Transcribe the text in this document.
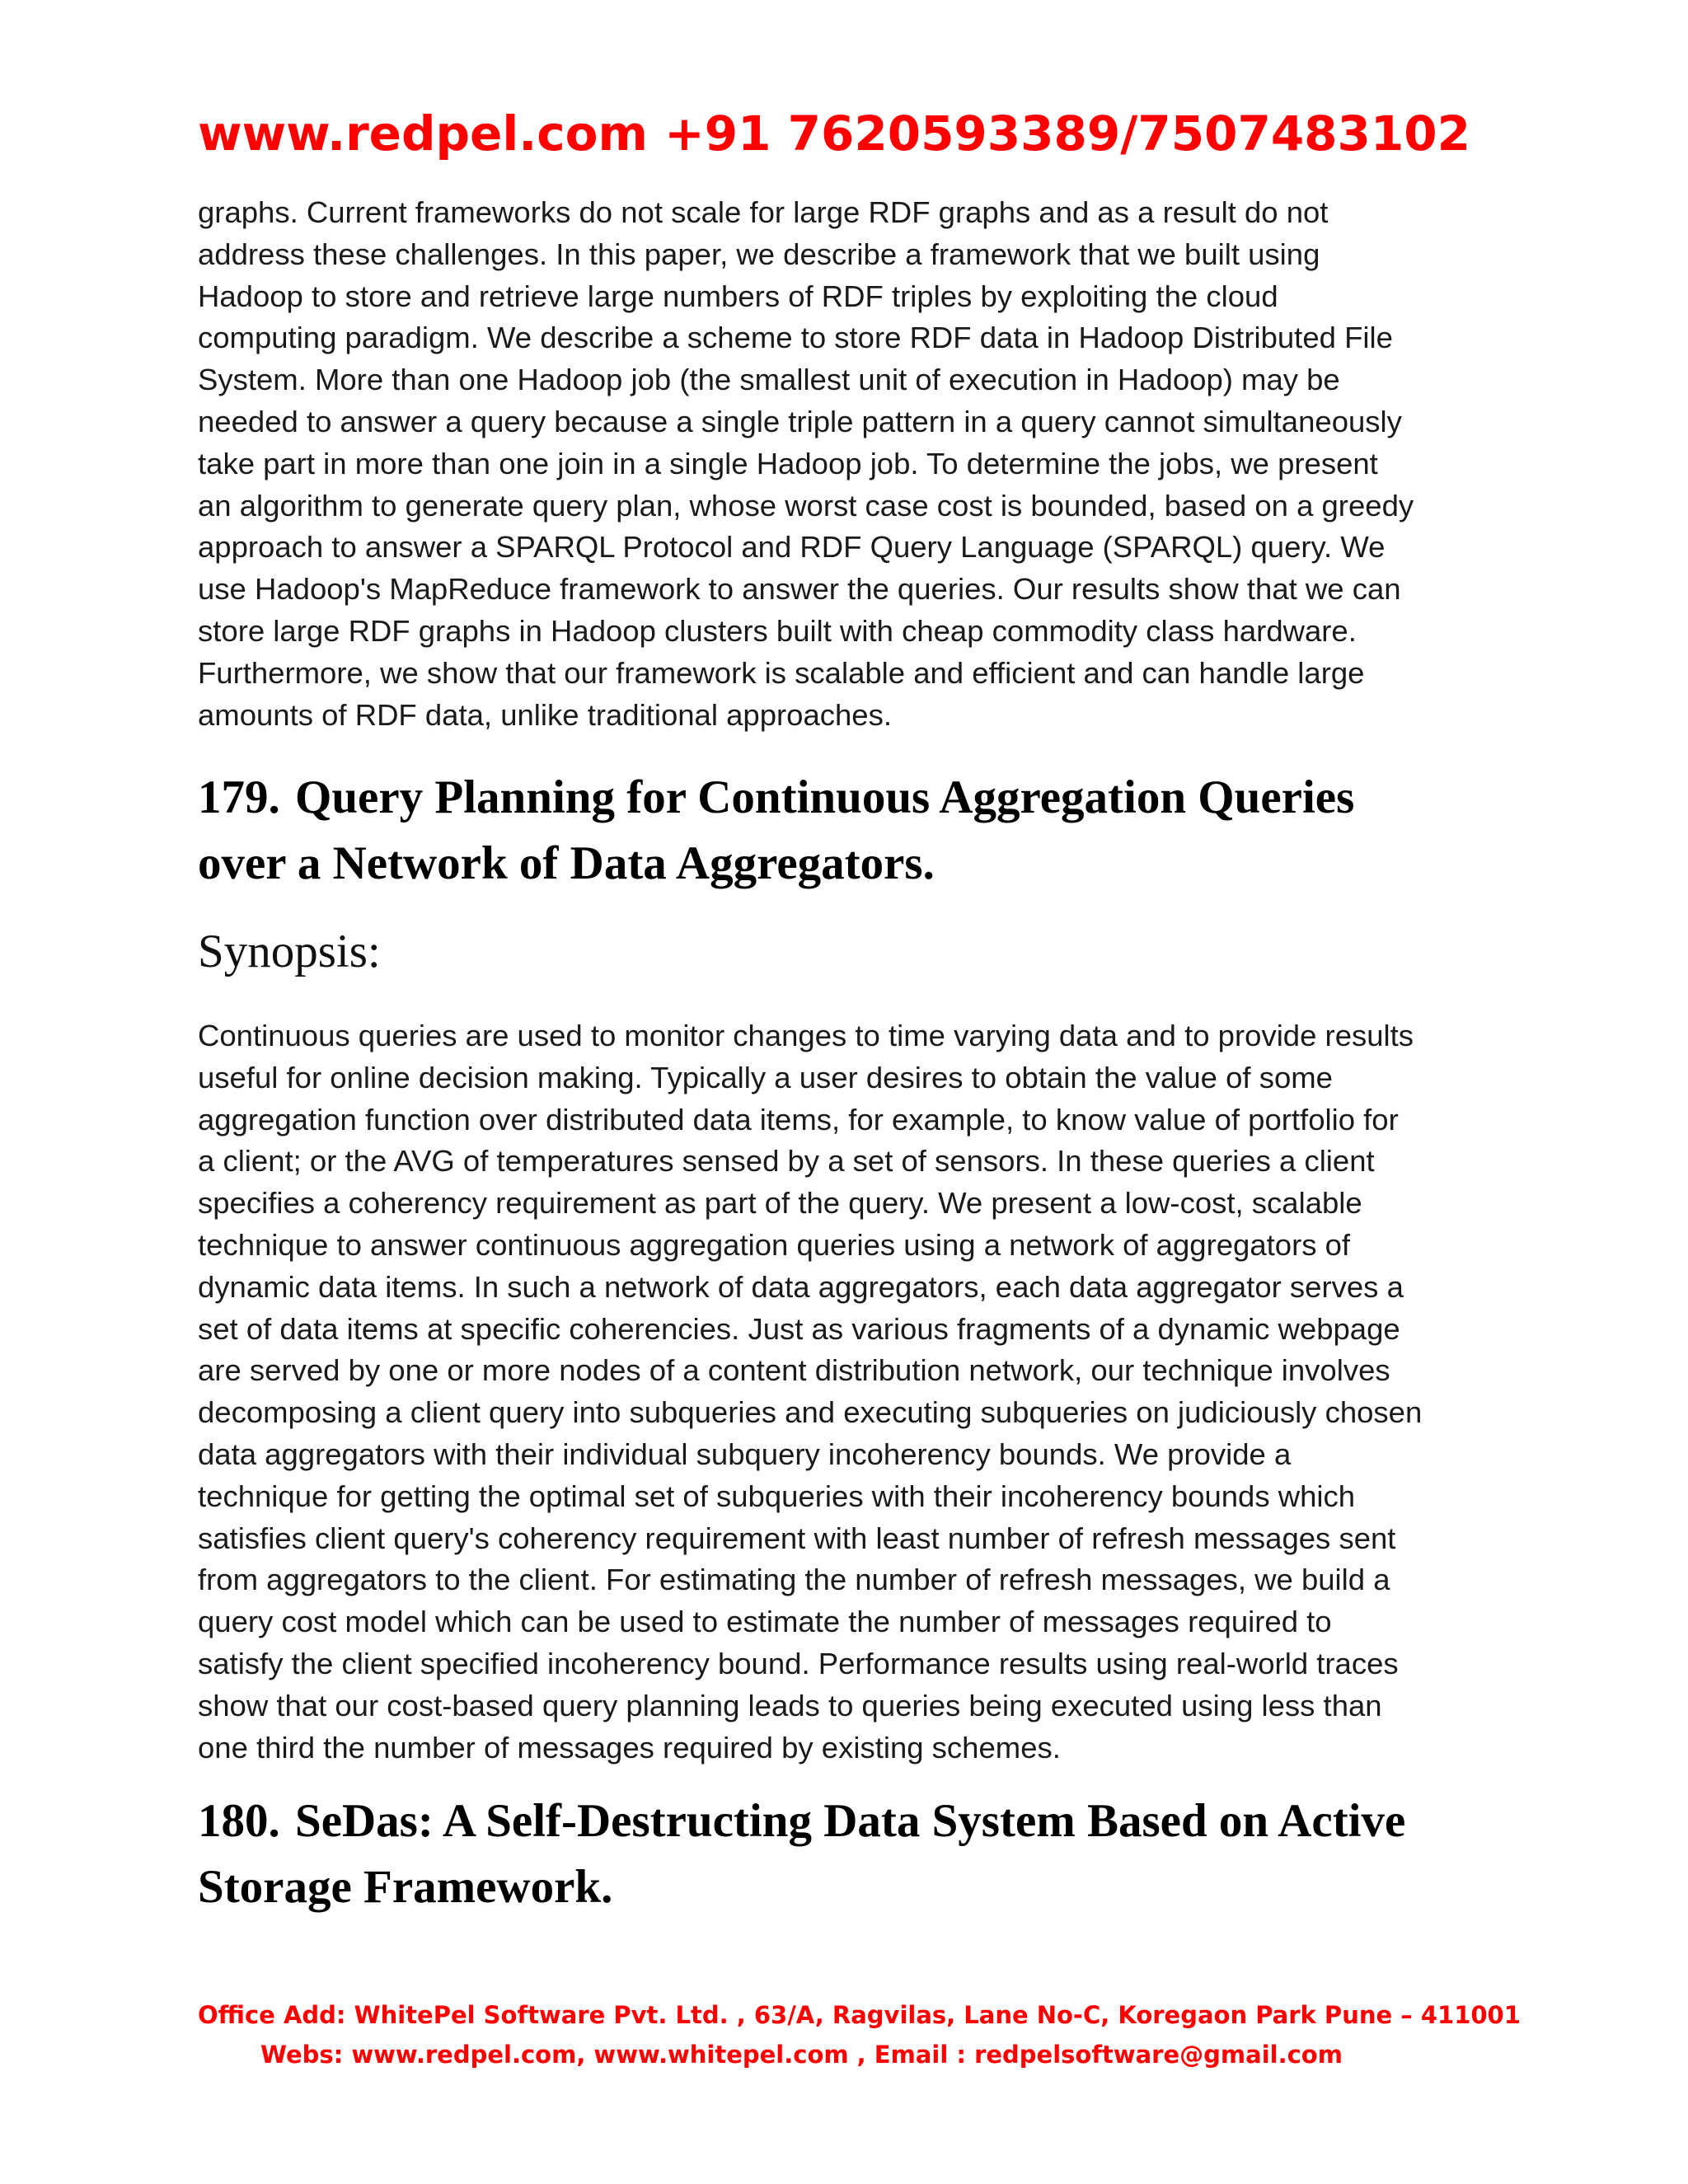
www.redpel.com +91 7620593389/7507483102
graphs. Current frameworks do not scale for large RDF graphs and as a result do not
address these challenges. In this paper, we describe a framework that we built using
Hadoop to store and retrieve large numbers of RDF triples by exploiting the cloud
computing paradigm. We describe a scheme to store RDF data in Hadoop Distributed File
System. More than one Hadoop job (the smallest unit of execution in Hadoop) may be
needed to answer a query because a single triple pattern in a query cannot simultaneously
take part in more than one join in a single Hadoop job. To determine the jobs, we present
an algorithm to generate query plan, whose worst case cost is bounded, based on a greedy
approach to answer a SPARQL Protocol and RDF Query Language (SPARQL) query. We
use Hadoop's MapReduce framework to answer the queries. Our results show that we can
store large RDF graphs in Hadoop clusters built with cheap commodity class hardware.
Furthermore, we show that our framework is scalable and efficient and can handle large
amounts of RDF data, unlike traditional approaches.
179. Query Planning for Continuous Aggregation Queries
over a Network of Data Aggregators.
Synopsis:
Continuous queries are used to monitor changes to time varying data and to provide results
useful for online decision making. Typically a user desires to obtain the value of some
aggregation function over distributed data items, for example, to know value of portfolio for
a client; or the AVG of temperatures sensed by a set of sensors. In these queries a client
specifies a coherency requirement as part of the query. We present a low-cost, scalable
technique to answer continuous aggregation queries using a network of aggregators of
dynamic data items. In such a network of data aggregators, each data aggregator serves a
set of data items at specific coherencies. Just as various fragments of a dynamic webpage
are served by one or more nodes of a content distribution network, our technique involves
decomposing a client query into subqueries and executing subqueries on judiciously chosen
data aggregators with their individual subquery incoherency bounds. We provide a
technique for getting the optimal set of subqueries with their incoherency bounds which
satisfies client query's coherency requirement with least number of refresh messages sent
from aggregators to the client. For estimating the number of refresh messages, we build a
query cost model which can be used to estimate the number of messages required to
satisfy the client specified incoherency bound. Performance results using real-world traces
show that our cost-based query planning leads to queries being executed using less than
one third the number of messages required by existing schemes.
180. SeDas: A Self-Destructing Data System Based on Active
Storage Framework.
Office Add: WhitePel Software Pvt. Ltd. , 63/A, Ragvilas, Lane No-C, Koregaon Park Pune – 411001
Webs: www.redpel.com, www.whitepel.com , Email : redpelsoftware@gmail.com
